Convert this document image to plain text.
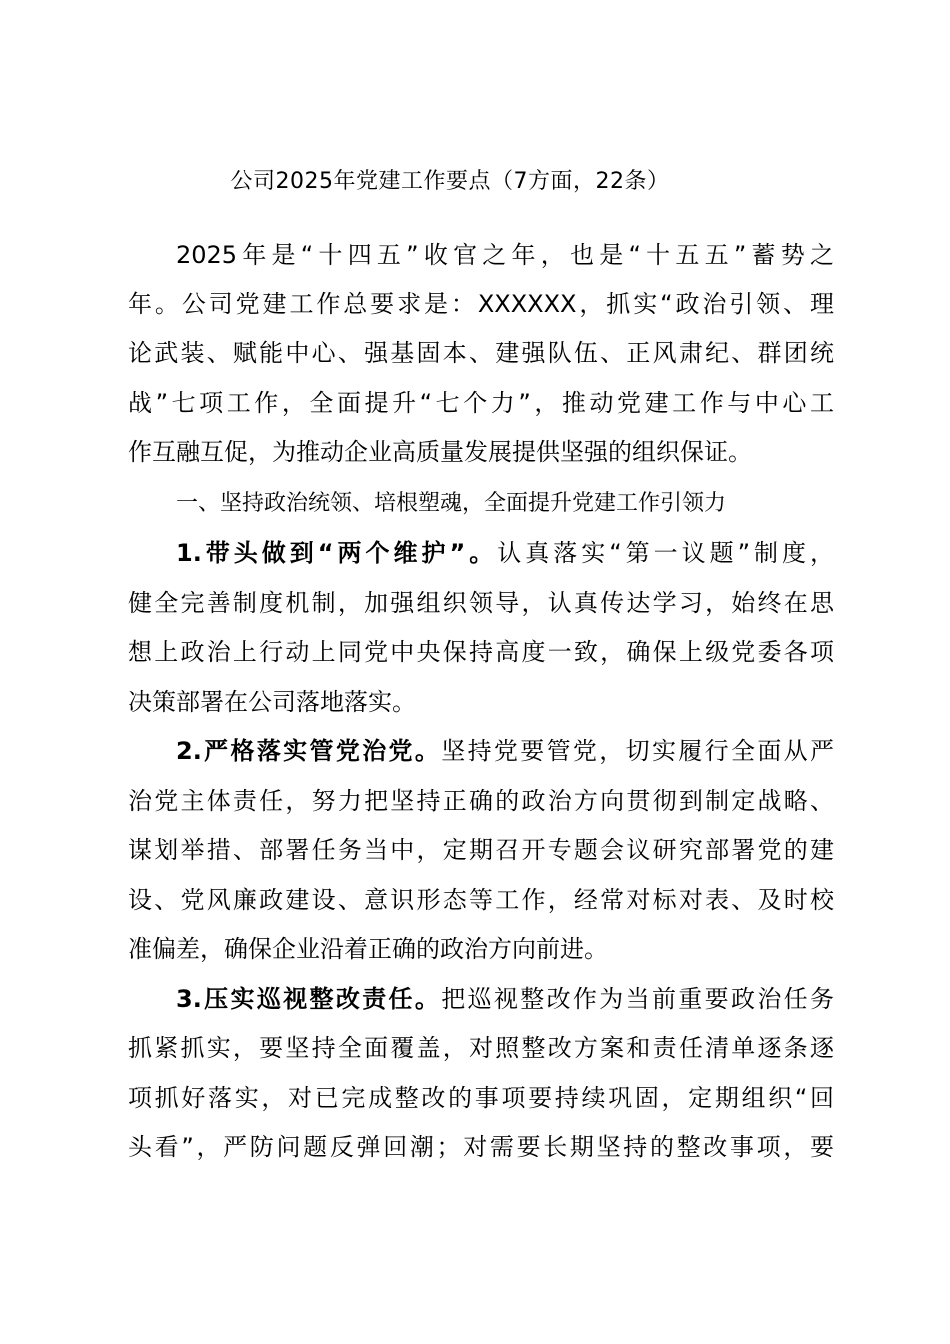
公司2025年党建工作要点（7方面，22条）
2025年是“十四五”收官之年，也是“十五五”蓄势之
年。公司党建工作总要求是：XXXXXX，抓实“政治引领、理
论武装、赋能中心、强基固本、建强队伍、正风肃纪、群团统
战”七项工作，全面提升“七个力”，推动党建工作与中心工
作互融互促，为推动企业高质量发展提供坚强的组织保证。
一、坚持政治统领、培根塑魂，全面提升党建工作引领力
1.带头做到“两个维护”。认真落实“第一议题”制度，
健全完善制度机制，加强组织领导，认真传达学习，始终在思
想上政治上行动上同党中央保持高度一致，确保上级党委各项
决策部署在公司落地落实。
2.严格落实管党治党。坚持党要管党，切实履行全面从严
治党主体责任，努力把坚持正确的政治方向贯彻到制定战略、
谋划举措、部署任务当中，定期召开专题会议研究部署党的建
设、党风廉政建设、意识形态等工作，经常对标对表、及时校
准偏差，确保企业沿着正确的政治方向前进。
3.压实巡视整改责任。把巡视整改作为当前重要政治任务
抓紧抓实，要坚持全面覆盖，对照整改方案和责任清单逐条逐
项抓好落实，对已完成整改的事项要持续巩固，定期组织“回
头看”，严防问题反弹回潮；对需要长期坚持的整改事项，要
